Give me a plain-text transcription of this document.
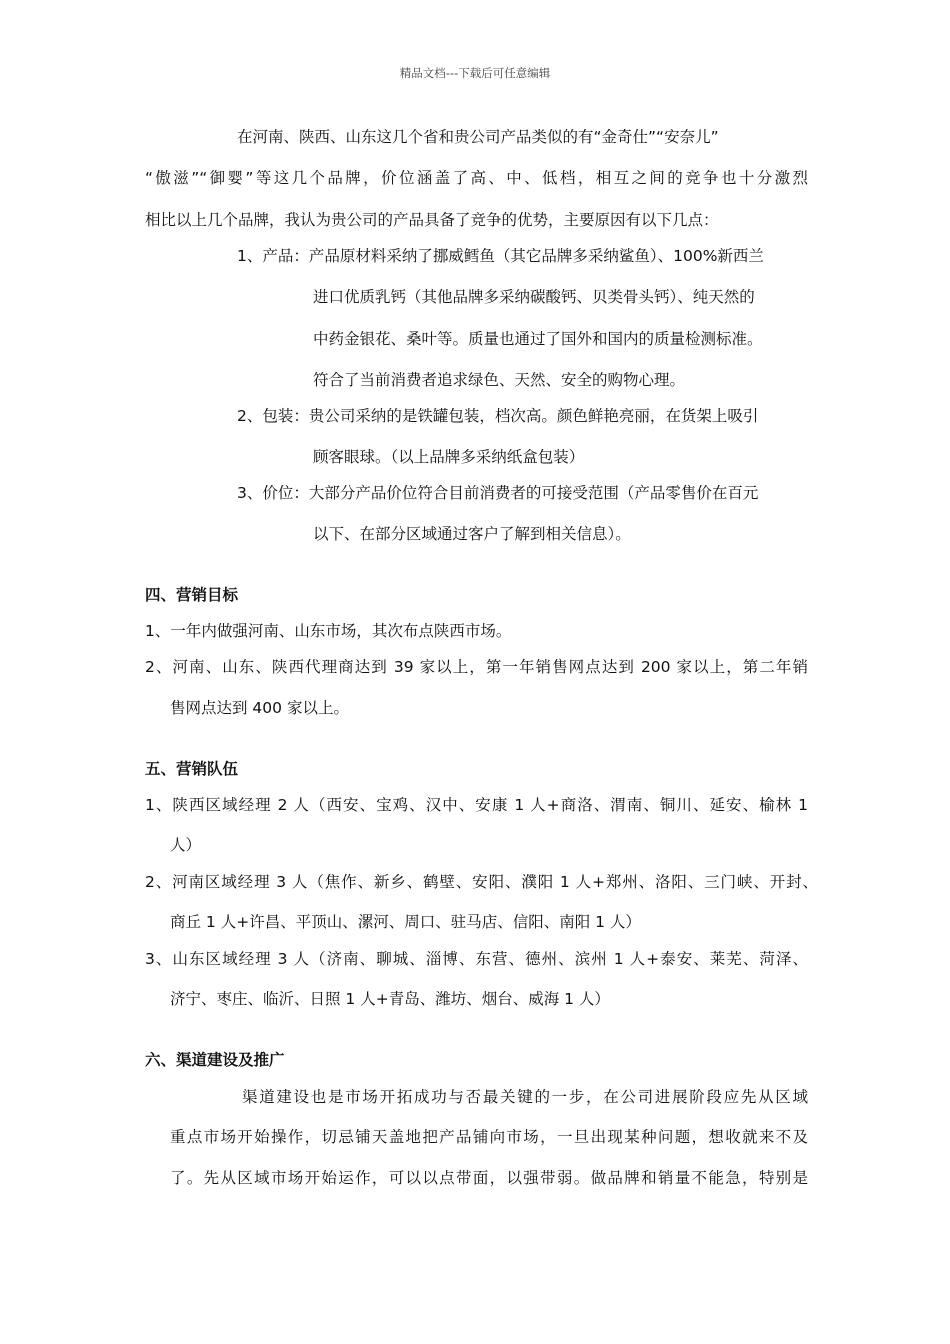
精品文档---下载后可任意编辑
在河南、陕西、山东这几个省和贵公司产品类似的有“金奇仕”“安奈儿”
“傲滋”“御婴”等这几个品牌，价位涵盖了高、中、低档，相互之间的竞争也十分激烈
相比以上几个品牌，我认为贵公司的产品具备了竞争的优势，主要原因有以下几点：
1、产品：产品原材料采纳了挪威鳕鱼（其它品牌多采纳鲨鱼）、100%新西兰
进口优质乳钙（其他品牌多采纳碳酸钙、贝类骨头钙）、纯天然的
中药金银花、桑叶等。质量也通过了国外和国内的质量检测标准。
符合了当前消费者追求绿色、天然、安全的购物心理。
2、包装：贵公司采纳的是铁罐包装，档次高。颜色鲜艳亮丽，在货架上吸引
顾客眼球。（以上品牌多采纳纸盒包装）
3、价位：大部分产品价位符合目前消费者的可接受范围（产品零售价在百元
以下、在部分区域通过客户了解到相关信息）。
四、营销目标
1、一年内做强河南、山东市场，其次布点陕西市场。
2、河南、山东、陕西代理商达到 39 家以上，第一年销售网点达到 200 家以上，第二年销
售网点达到 400 家以上。
五、营销队伍
1、陕西区域经理 2 人（西安、宝鸡、汉中、安康 1 人+商洛、渭南、铜川、延安、榆林 1
人）
2、河南区域经理 3 人（焦作、新乡、鹤壁、安阳、濮阳 1 人+郑州、洛阳、三门峡、开封、
商丘 1 人+许昌、平顶山、漯河、周口、驻马店、信阳、南阳 1 人）
3、山东区域经理 3 人（济南、聊城、淄博、东营、德州、滨州 1 人+泰安、莱芜、菏泽、
济宁、枣庄、临沂、日照 1 人+青岛、潍坊、烟台、威海 1 人）
六、渠道建设及推广
渠道建设也是市场开拓成功与否最关键的一步，在公司进展阶段应先从区域
重点市场开始操作，切忌铺天盖地把产品铺向市场，一旦出现某种问题，想收就来不及
了。先从区域市场开始运作，可以以点带面，以强带弱。做品牌和销量不能急，特别是
